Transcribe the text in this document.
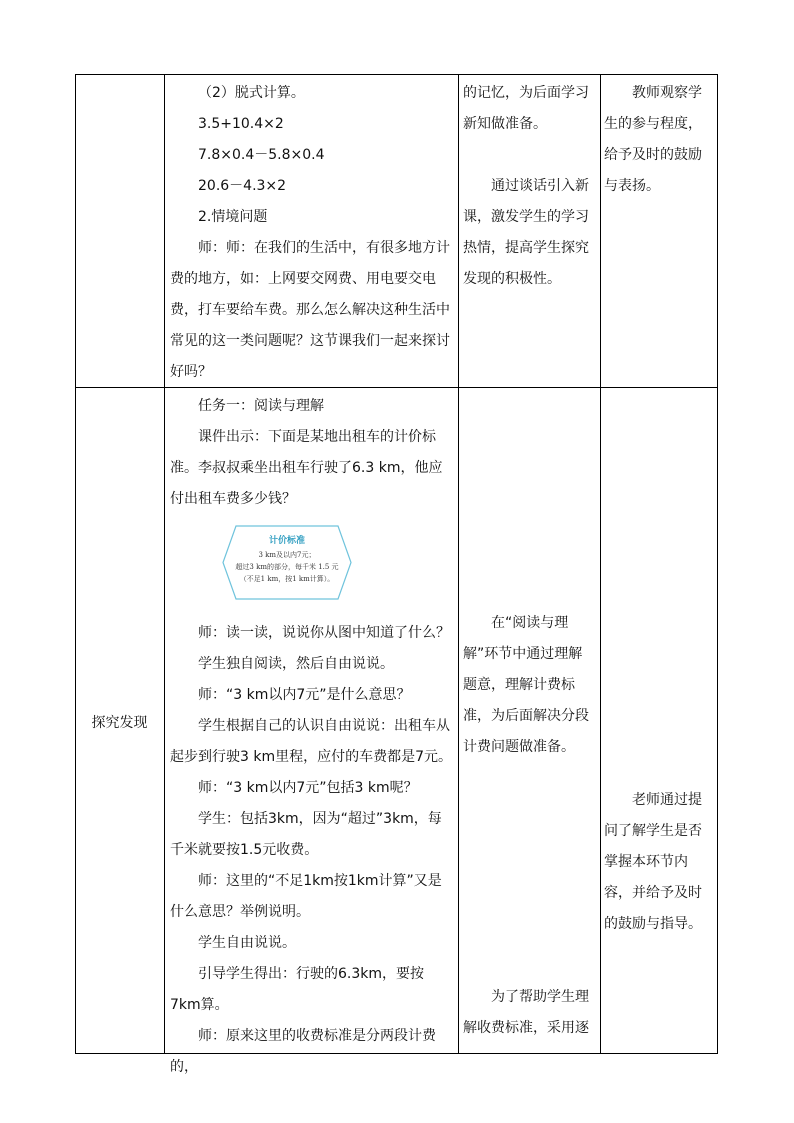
（2）脱式计算。

3.5+10.4×2

7.8×0.4－5.8×0.4

20.6－4.3×2

2.情境问题

师：师：在我们的生活中，有很多地方计费的地方，如：上网要交网费、用电要交电费，打车要给车费。那么怎么解决这种生活中常见的这一类问题呢？这节课我们一起来探讨好吗？

的记忆，为后面学习新知做准备。

通过谈话引入新课，激发学生的学习热情，提高学生探究发现的积极性。

教师观察学生的参与程度，给予及时的鼓励与表扬。

探究发现

任务一：阅读与理解

课件出示：下面是某地出租车的计价标准。李叔叔乘坐出租车行驶了6.3 km，他应付出租车费多少钱？

计价标准
3 km及以内7元；
超过3 km的部分，每千米 1.5 元
（不足1 km，按1 km计算）。

师：读一读，说说你从图中知道了什么？

学生独自阅读，然后自由说说。

师：“3 km以内7元”是什么意思？

学生根据自己的认识自由说说：出租车从起步到行驶3 km里程，应付的车费都是7元。

师：“3 km以内7元”包括3 km呢？

学生：包括3km，因为“超过”3km，每千米就要按1.5元收费。

师：这里的“不足1km按1km计算”又是什么意思？举例说明。

学生自由说说。

引导学生得出：行驶的6.3km，要按7km算。

师：原来这里的收费标准是分两段计费的，

在“阅读与理解”环节中通过理解题意，理解计费标准，为后面解决分段计费问题做准备。

为了帮助学生理解收费标准，采用逐

老师通过提问了解学生是否掌握本环节内容，并给予及时的鼓励与指导。
